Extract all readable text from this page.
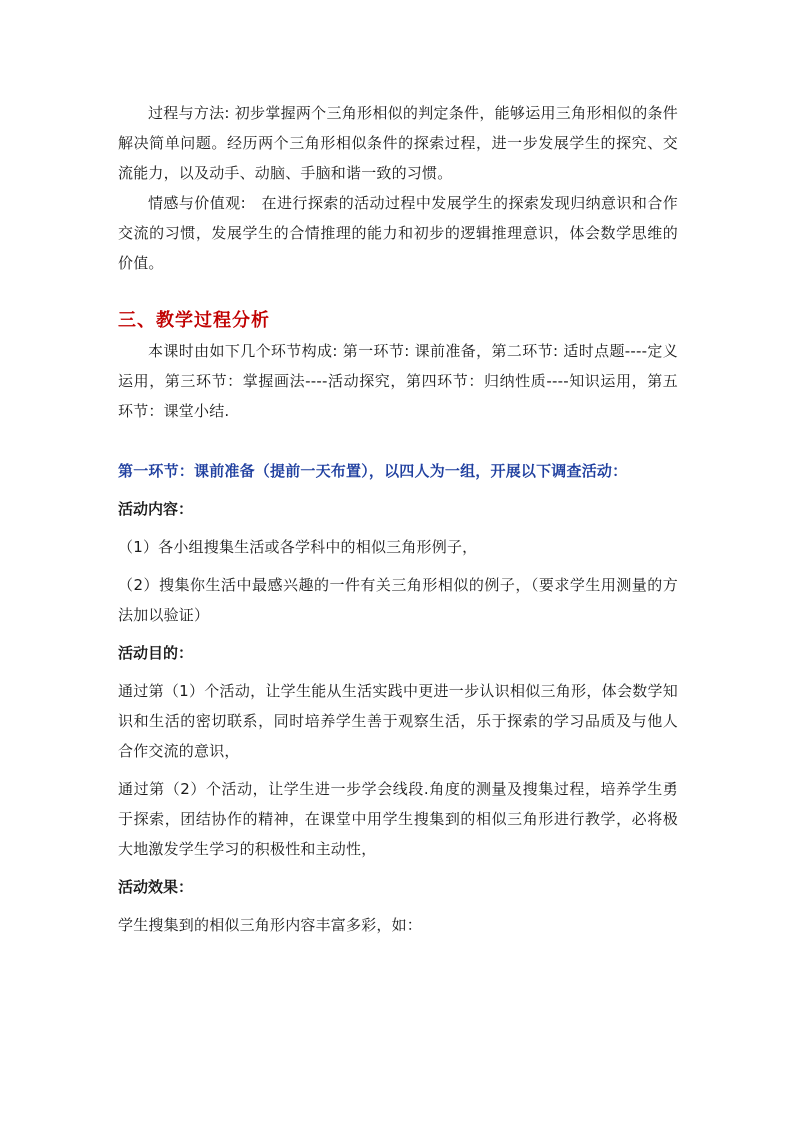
过程与方法: 初步掌握两个三角形相似的判定条件，能够运用三角形相似的条件解决简单问题。经历两个三角形相似条件的探索过程，进一步发展学生的探究、交流能力，以及动手、动脑、手脑和谐一致的习惯。

情感与价值观:　在进行探索的活动过程中发展学生的探索发现归纳意识和合作交流的习惯，发展学生的合情推理的能力和初步的逻辑推理意识，体会数学思维的价值。

三、教学过程分析

本课时由如下几个环节构成: 第一环节: 课前准备，第二环节: 适时点题----定义运用，第三环节：掌握画法----活动探究，第四环节：归纳性质----知识运用，第五环节：课堂小结.

第一环节：课前准备（提前一天布置），以四人为一组，开展以下调查活动：

活动内容：

（1）各小组搜集生活或各学科中的相似三角形例子，

（2）搜集你生活中最感兴趣的一件有关三角形相似的例子，（要求学生用测量的方法加以验证）

活动目的：

通过第（1）个活动，让学生能从生活实践中更进一步认识相似三角形，体会数学知识和生活的密切联系，同时培养学生善于观察生活，乐于探索的学习品质及与他人合作交流的意识，

通过第（2）个活动，让学生进一步学会线段.角度的测量及搜集过程，培养学生勇于探索，团结协作的精神，在课堂中用学生搜集到的相似三角形进行教学，必将极大地激发学生学习的积极性和主动性，

活动效果：

学生搜集到的相似三角形内容丰富多彩，如：
